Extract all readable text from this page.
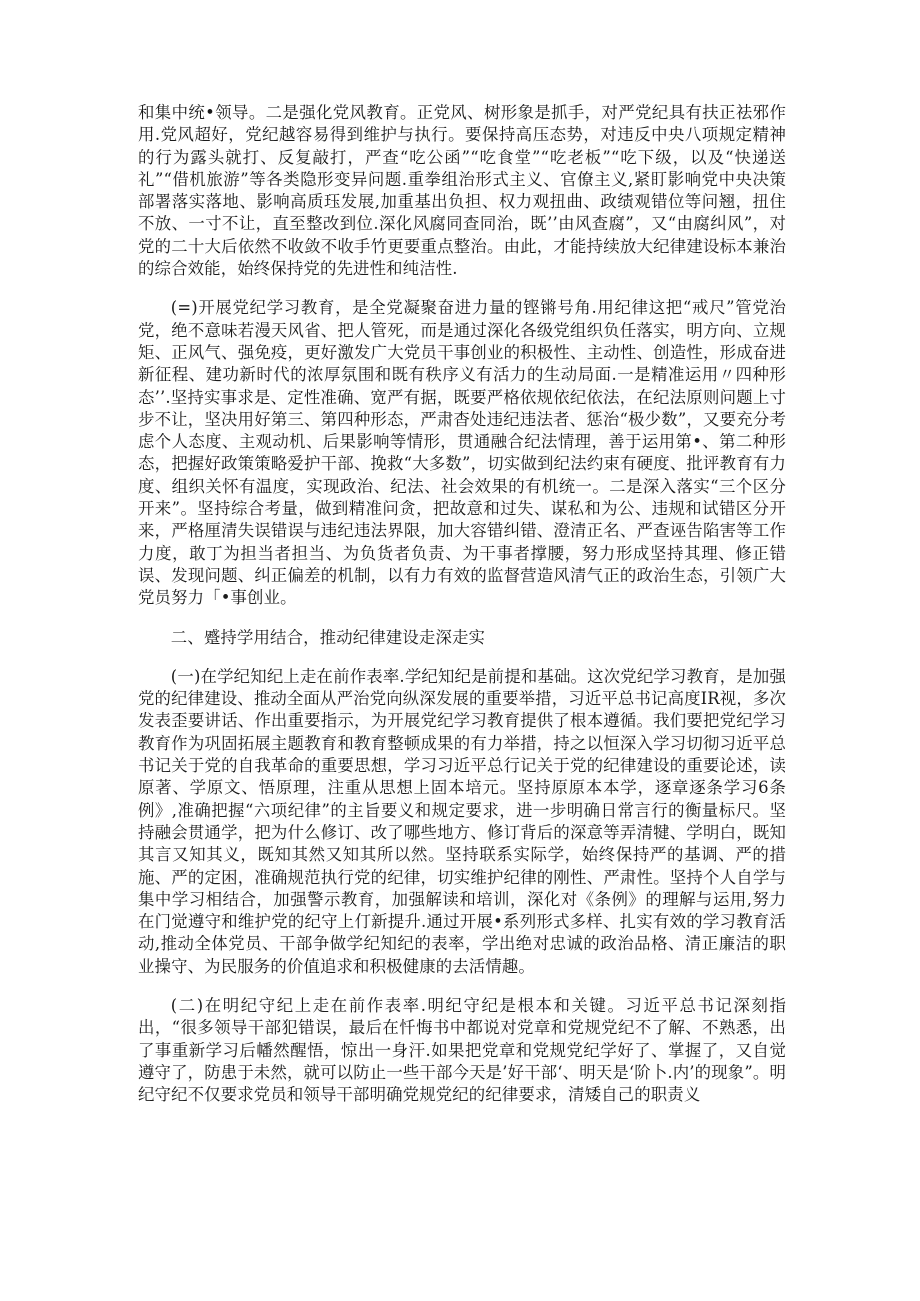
和集中统•领导。二是强化党风教育。正党风、树形象是抓手，对严党纪具有扶正祛邪作用.党风超好，党纪越容易得到维护与执行。要保持高压态势，对违反中央八项规定精神的行为露头就打、反复敲打，严查“吃公函”“吃食堂”“吃老板”“吃下级，以及“快递送礼”“借机旅游”等各类隐形变异问题.重拳组治形式主义、官僚主义,紧盯影响党中央决策部署落实落地、影响高质珏发展,加重基出负担、权力观扭曲、政绩观错位等问翘，扭住不放、一寸不让，直至整改到位.深化风腐同查同治，既’’由风查腐”，又“由腐纠风”，对党的二十大后依然不收敛不收手竹更要重点整治。由此，才能持续放大纪律建设标本兼治的综合效能，始终保持党的先进性和纯洁性.

(=)开展党纪学习教育，是全党凝聚奋进力量的铿锵号角.用纪律这把“戒尺”管党治党，绝不意味若漫天风省、把人管死，而是通过深化各级党组织负任落实，明方向、立规矩、正风气、强免疫，更好激发广大党员干事创业的积极性、主动性、创造性，形成奋进新征程、建功新时代的浓厚氛围和既有秩序义有活力的生动局面.一是精准运用〃四种形态’’.坚持实事求是、定性准确、宽严有据，既要严格依规依纪依法，在纪法原则问题上寸步不让，坚决用好第三、第四种形态，严肃杳处违纪违法者、惩治“极少数”，又要充分考虑个人态度、主观动机、后果影响等情形，贯通融合纪法情理，善于运用第•、第二种形态，把握好政策策略爱护干部、挽救“大多数”，切实做到纪法约束有硬度、批评教育有力度、组织关怀有温度，实现政治、纪法、社会效果的有机统一。二是深入落实“三个区分开来”。坚持综合考量，做到精准问贪，把故意和过失、谋私和为公、违规和试错区分开来，严格厘清失误错误与违纪违法界限，加大容错纠错、澄清正名、严查诬告陷害等工作力度，敢丁为担当者担当、为负货者负责、为干事者撑腰，努力形成坚持其理、修正错误、发现问题、纠正偏差的机制，以有力有效的监督营造风清气正的政治生态，引领广大党员努力「•事创业。

二、蹙持学用结合，推动纪律建设走深走实

(一)在学纪知纪上走在前作表率.学纪知纪是前提和基础。这次党纪学习教育，是加强党的纪律建设、推动全面从严治党向纵深发展的重要举措，习近平总书记高度IR视，多次发表歪要讲话、作出重要指示，为开展党纪学习教育提供了根本遵循。我们要把党纪学习教育作为巩固拓展主题教育和教育整顿成果的有力举措，持之以恒深入学习切彻习近平总书记关于党的自我革命的重要思想，学习习近平总行记关于党的纪律建设的重要论述，读原著、学原文、悟原理，注重从思想上固本培元。坚持原原本本学，逐章逐条学习6条例》,准确把握“六项纪律”的主旨要义和规定要求，进一步明确日常言行的衡量标尺。坚持融会贯通学，把为什么修订、改了哪些地方、修订背后的深意等弄清犍、学明白，既知其言又知其义，既知其然又知其所以然。坚持联系实际学，始终保持严的基调、严的措施、严的定困，准确规范执行党的纪律，切实维护纪律的刚性、严肃性。坚持个人自学与集中学习相结合，加强警示教育，加强解读和培训，深化对《条例》的理解与运用,努力在门觉遵守和维护党的纪守上仃新提升.通过开展•系列形式多样、扎实有效的学习教育活动,推动全体党员、干部争做学纪知纪的表率，学出绝对忠诚的政治品格、清正廉洁的职业操守、为民服务的价值追求和积极健康的去活情趣。

(二)在明纪守纪上走在前作表率.明纪守纪是根本和关键。习近平总书记深刻指出，“很多领导干部犯错误，最后在忏悔书中都说对党章和党规党纪不了解、不熟悉，出了事重新学习后幡然醒悟，惊出一身汗.如果把党章和党规党纪学好了、掌握了，又自觉遵守了，防患于未然，就可以防止一些干部今天是’好干部‘、明天是‘阶卜.内’的现象”。明纪守纪不仅要求党员和领导干部明确党规党纪的纪律要求，清矮自己的职责义
